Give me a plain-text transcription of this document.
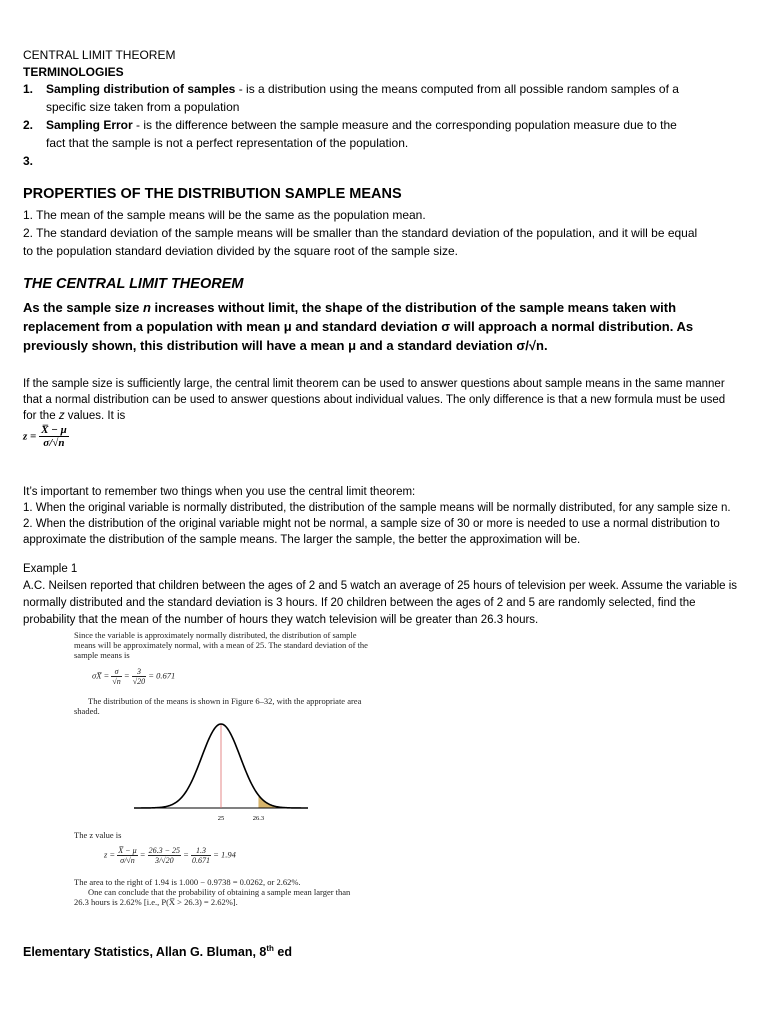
CENTRAL LIMIT THEOREM
TERMINOLOGIES
1. Sampling distribution of samples - is a distribution using the means computed from all possible random samples of a
specific size taken from a population
2. Sampling Error - is the difference between the sample measure and the corresponding population measure due to the
fact that the sample is not a perfect representation of the population.
3.

PROPERTIES OF THE DISTRIBUTION SAMPLE MEANS
1. The mean of the sample means will be the same as the population mean.
2. The standard deviation of the sample means will be smaller than the standard deviation of the population, and it will be equal
to the population standard deviation divided by the square root of the sample size.
THE CENTRAL LIMIT THEOREM
As the sample size n increases without limit, the shape of the distribution of the sample means taken with
replacement from a population with mean μ and standard deviation σ will approach a normal distribution. As
previously shown, this distribution will have a mean μ and a standard deviation σ/√n.
If the sample size is sufficiently large, the central limit theorem can be used to answer questions about sample means in the same manner
that a normal distribution can be used to answer questions about individual values. The only difference is that a new formula must be used
for the z values. It is
$z = \frac{X̅ - \mu}{\sigma/√n}$
It’s important to remember two things when you use the central limit theorem:
1. When the original variable is normally distributed, the distribution of the sample means will be normally distributed, for any sample size n.
2. When the distribution of the original variable might not be normal, a sample size of 30 or more is needed to use a normal distribution to
approximate the distribution of the sample means. The larger the sample, the better the approximation will be.
Example 1
A.C. Neilsen reported that children between the ages of 2 and 5 watch an average of 25 hours of television per week. Assume the variable is
normally distributed and the standard deviation is 3 hours. If 20 children between the ages of 2 and 5 are randomly selected, find the
probability that the mean of the number of hours they watch television will be greater than 26.3 hours.
Since the variable is approximately normally distributed, the distribution of sample
means will be approximately normal, with a mean of 25. The standard deviation of the
sample means is
σX̅ = $\frac{\sigma}{√n} = \frac{3}{√20} = 0.671$
The distribution of the means is shown in Figure 6–32, with the appropriate area
shaded.
25	26.3
The z value is
$z = \frac{X̅ - \mu}{\sigma/√n} = \frac{26.3 - 25}{3/√20} = \frac{1.3}{0.671} = 1.94$
The area to the right of 1.94 is 1.000 − 0.9738 = 0.0262, or 2.62%.
One can conclude that the probability of obtaining a sample mean larger than
26.3 hours is 2.62% [i.e., P(X̅ > 26.3) = 2.62%].
Elementary Statistics, Allan G. Bluman, 8th ed
